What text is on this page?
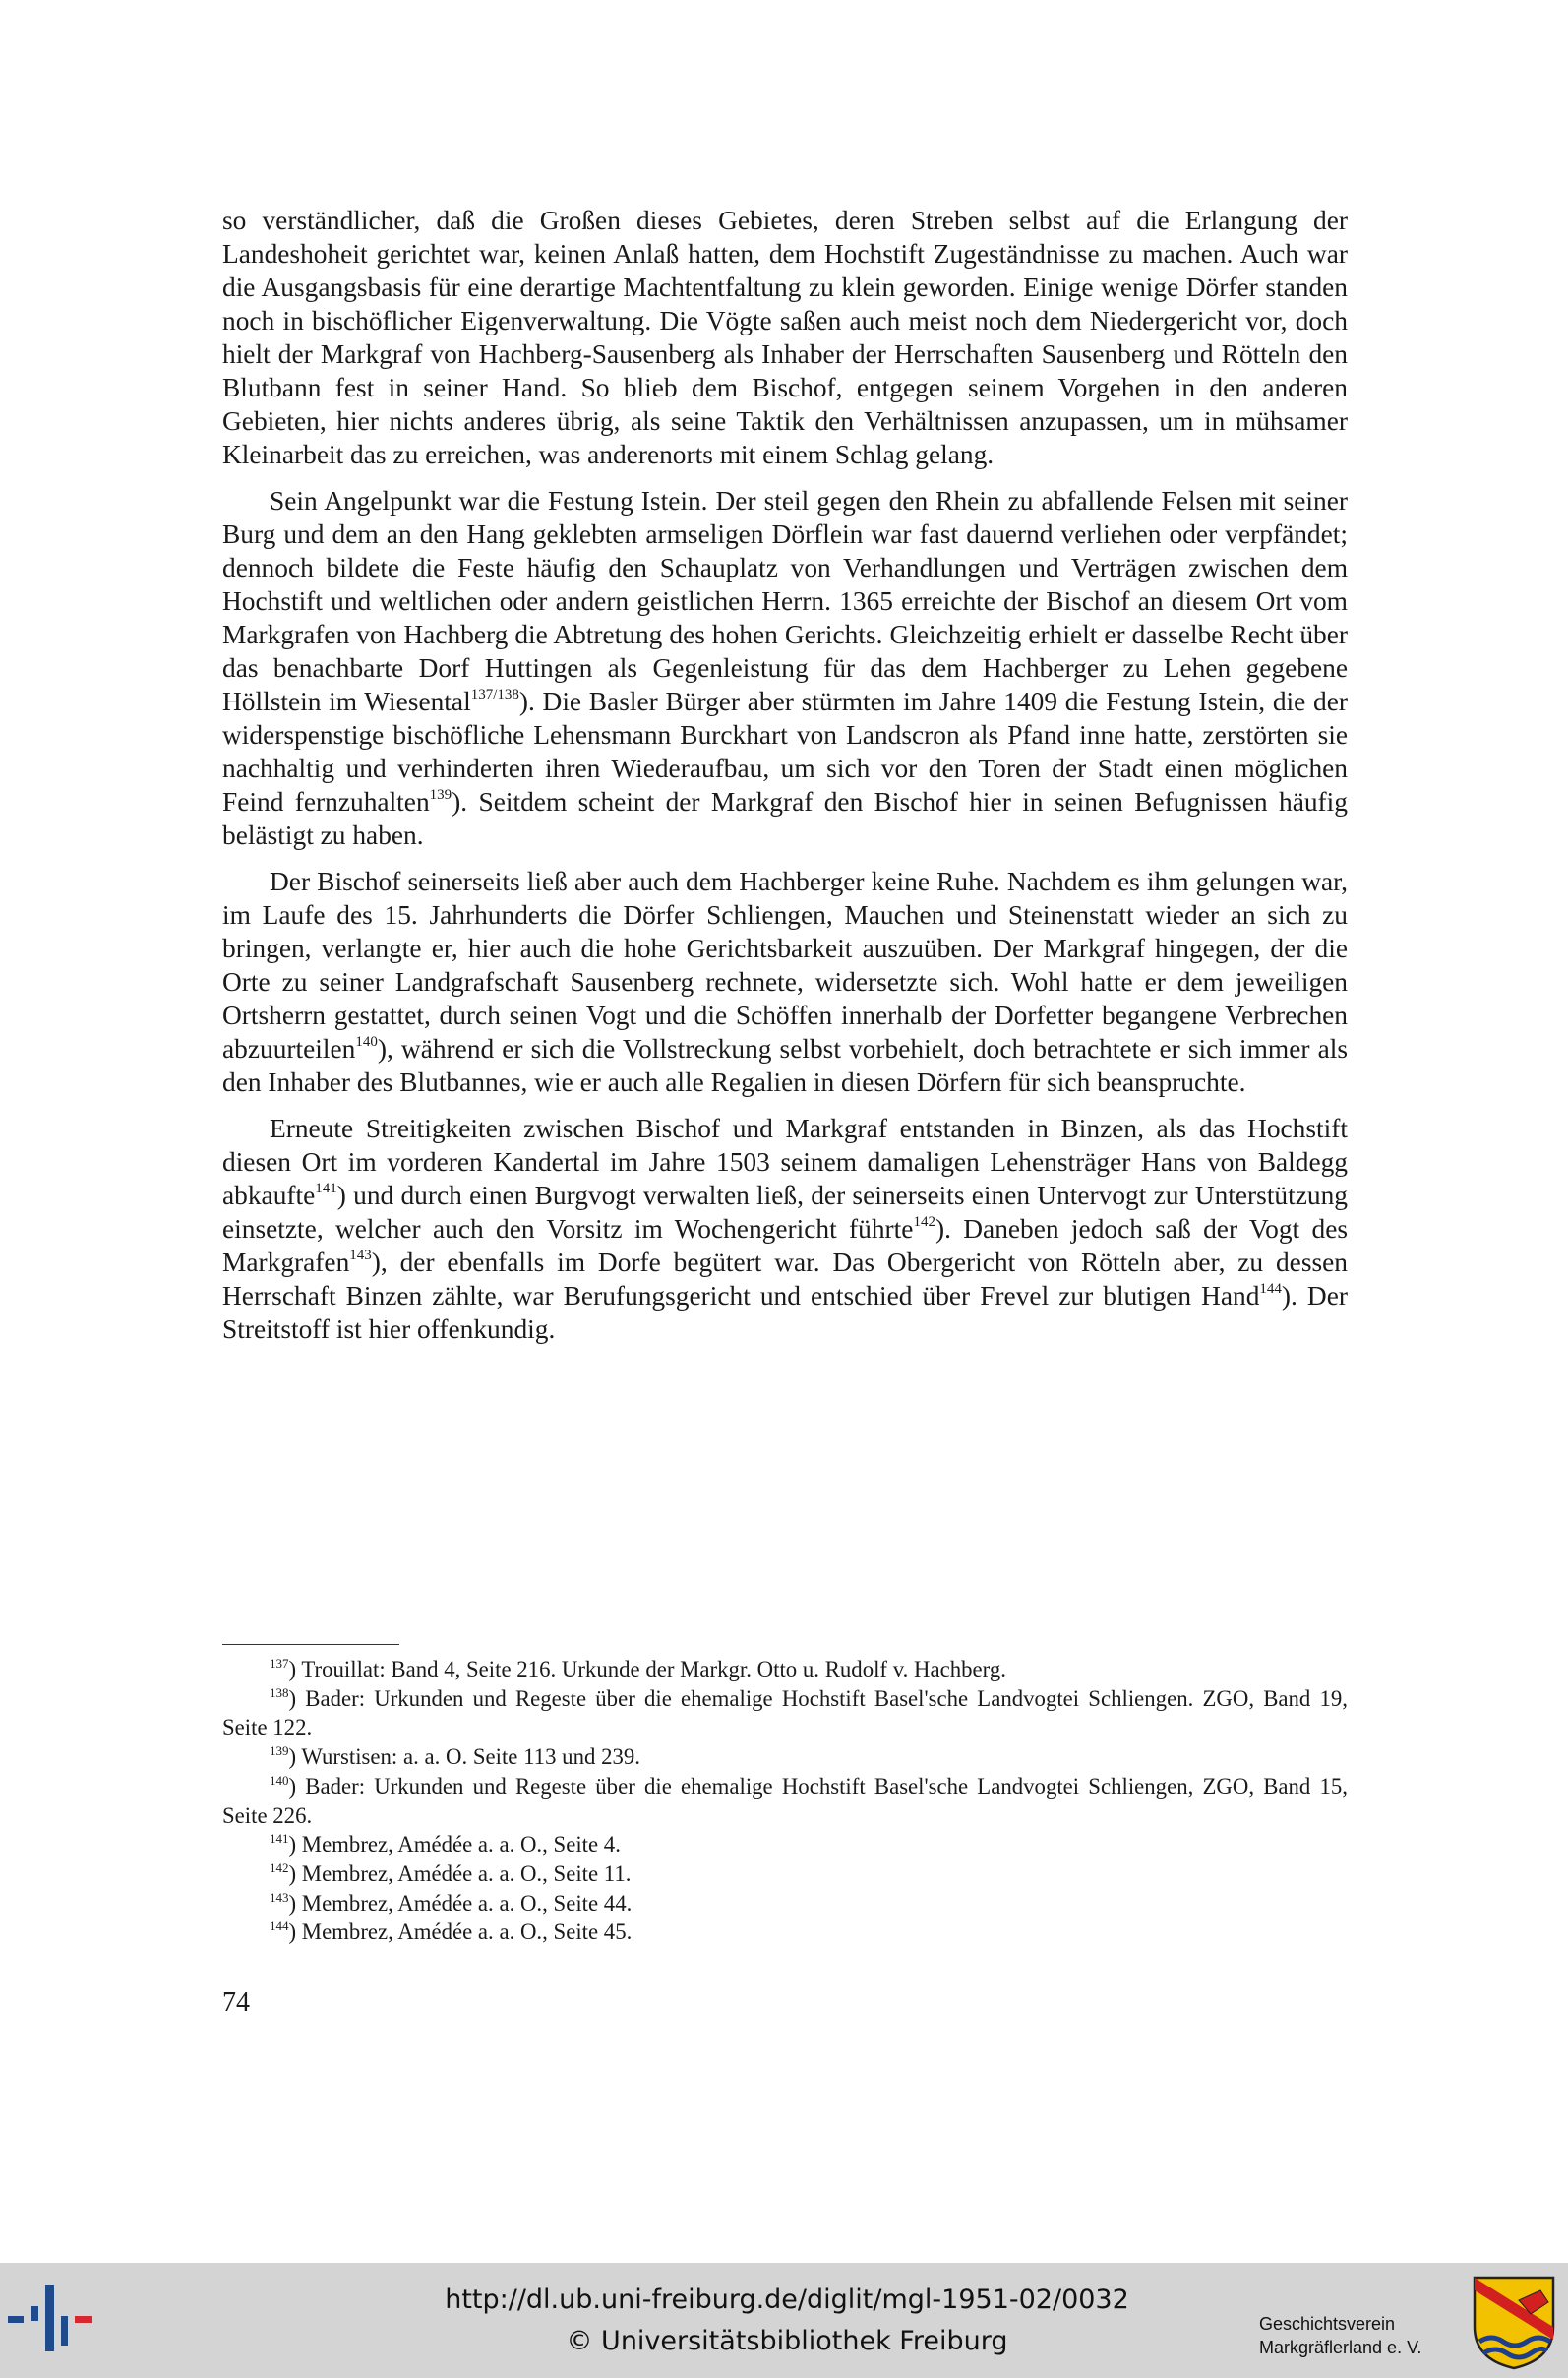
so verständlicher, daß die Großen dieses Gebietes, deren Streben selbst auf die Erlangung der Landeshoheit gerichtet war, keinen Anlaß hatten, dem Hochstift Zugeständnisse zu machen. Auch war die Ausgangsbasis für eine derartige Machtentfaltung zu klein geworden. Einige wenige Dörfer standen noch in bischöflicher Eigenverwaltung. Die Vögte saßen auch meist noch dem Niedergericht vor, doch hielt der Markgraf von Hachberg-Sausenberg als Inhaber der Herrschaften Sausenberg und Rötteln den Blutbann fest in seiner Hand. So blieb dem Bischof, entgegen seinem Vorgehen in den anderen Gebieten, hier nichts anderes übrig, als seine Taktik den Verhältnissen anzupassen, um in mühsamer Kleinarbeit das zu erreichen, was anderenorts mit einem Schlag gelang.

Sein Angelpunkt war die Festung Istein. Der steil gegen den Rhein zu abfallende Felsen mit seiner Burg und dem an den Hang geklebten armseligen Dörflein war fast dauernd verliehen oder verpfändet; dennoch bildete die Feste häufig den Schauplatz von Verhandlungen und Verträgen zwischen dem Hochstift und weltlichen oder andern geistlichen Herrn. 1365 erreichte der Bischof an diesem Ort vom Markgrafen von Hachberg die Abtretung des hohen Gerichts. Gleichzeitig erhielt er dasselbe Recht über das benachbarte Dorf Huttingen als Gegenleistung für das dem Hachberger zu Lehen gegebene Höllstein im Wiesental$^{137/138}$). Die Basler Bürger aber stürmten im Jahre 1409 die Festung Istein, die der widerspenstige bischöfliche Lehensmann Burckhart von Landscron als Pfand inne hatte, zerstörten sie nachhaltig und verhinderten ihren Wiederaufbau, um sich vor den Toren der Stadt einen möglichen Feind fernzuhalten$^{139}$). Seitdem scheint der Markgraf den Bischof hier in seinen Befugnissen häufig belästigt zu haben.

Der Bischof seinerseits ließ aber auch dem Hachberger keine Ruhe. Nachdem es ihm gelungen war, im Laufe des 15. Jahrhunderts die Dörfer Schliengen, Mauchen und Steinenstatt wieder an sich zu bringen, verlangte er, hier auch die hohe Gerichtsbarkeit auszuüben. Der Markgraf hingegen, der die Orte zu seiner Landgrafschaft Sausenberg rechnete, widersetzte sich. Wohl hatte er dem jeweiligen Ortsherrn gestattet, durch seinen Vogt und die Schöffen innerhalb der Dorfetter begangene Verbrechen abzuurteilen$^{140}$), während er sich die Vollstreckung selbst vorbehielt, doch betrachtete er sich immer als den Inhaber des Blutbannes, wie er auch alle Regalien in diesen Dörfern für sich beanspruchte.

Erneute Streitigkeiten zwischen Bischof und Markgraf entstanden in Binzen, als das Hochstift diesen Ort im vorderen Kandertal im Jahre 1503 seinem damaligen Lehensträger Hans von Baldegg abkaufte$^{141}$) und durch einen Burgvogt verwalten ließ, der seinerseits einen Untervogt zur Unterstützung einsetzte, welcher auch den Vorsitz im Wochengericht führte$^{142}$). Daneben jedoch saß der Vogt des Markgrafen$^{143}$), der ebenfalls im Dorfe begütert war. Das Obergericht von Rötteln aber, zu dessen Herrschaft Binzen zählte, war Berufungsgericht und entschied über Frevel zur blutigen Hand$^{144}$). Der Streitstoff ist hier offenkundig.

$^{137}$) Trouillat: Band 4, Seite 216. Urkunde der Markgr. Otto u. Rudolf v. Hachberg.

$^{138}$) Bader: Urkunden und Regeste über die ehemalige Hochstift Basel'sche Landvogtei Schliengen. ZGO, Band 19, Seite 122.

$^{139}$) Wurstisen: a. a. O. Seite 113 und 239.

$^{140}$) Bader: Urkunden und Regeste über die ehemalige Hochstift Basel'sche Landvogtei Schliengen, ZGO, Band 15, Seite 226.

$^{141}$) Membrez, Amédée a. a. O., Seite 4.

$^{142}$) Membrez, Amédée a. a. O., Seite 11.

$^{143}$) Membrez, Amédée a. a. O., Seite 44.

$^{144}$) Membrez, Amédée a. a. O., Seite 45.

74
http://dl.ub.uni-freiburg.de/diglit/mgl-1951-02/0032
© Universitätsbibliothek Freiburg
Geschichtsverein
Markgräflerland e. V.
